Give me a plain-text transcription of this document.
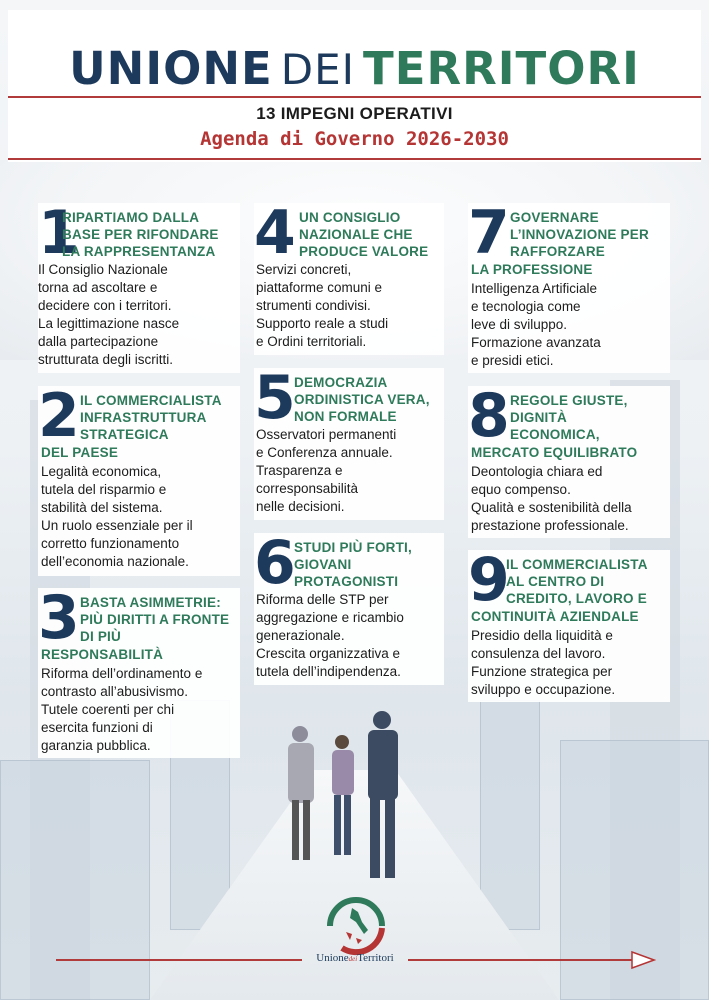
UNIONE DEI TERRITORI
13 IMPEGNI OPERATIVI
Agenda di Governo 2026-2030
1
RIPARTIAMO DALLA BASE PER RIFONDARE LA RAPPRESENTANZA
Il Consiglio Nazionale
torna ad ascoltare e
decidere con i territori.
La legittimazione nasce
dalla partecipazione
strutturata degli iscritti.
2 IL COMMERCIALISTA INFRASTRUTTURA STRATEGICA
DEL PAESE
Legalità economica,
tutela del risparmio e
stabilità del sistema.
Un ruolo essenziale per il
corretto funzionamento
dell’economia nazionale.
3 BASTA ASIMMETRIE: PIÙ DIRITTI A FRONTE DI PIÙ
RESPONSABILITÀ
Riforma dell’ordinamento e
contrasto all’abusivismo.
Tutele coerenti per chi
esercita funzioni di
garanzia pubblica.
4 UN CONSIGLIO NAZIONALE CHE PRODUCE VALORE
Servizi concreti,
piattaforme comuni e
strumenti condivisi.
Supporto reale a studi
e Ordini territoriali.
5
DEMOCRAZIA ORDINISTICA VERA, NON FORMALE
Osservatori permanenti
e Conferenza annuale.
Trasparenza e
corresponsabilità
nelle decisioni.
6
STUDI PIÙ FORTI, GIOVANI PROTAGONISTI
Riforma delle STP per
aggregazione e ricambio
generazionale.
Crescita organizzativa e
tutela dell’indipendenza.
7 GOVERNARE L’INNOVAZIONE PER RAFFORZARE
LA PROFESSIONE
Intelligenza Artificiale
e tecnologia come
leve di sviluppo.
Formazione avanzata
e presidi etici.
8 REGOLE GIUSTE, DIGNITÀ ECONOMICA,
MERCATO EQUILIBRATO
Deontologia chiara ed
equo compenso.
Qualità e sostenibilità della
prestazione professionale.
9
IL COMMERCIALISTA AL CENTRO DI CREDITO, LAVORO E
CONTINUITÀ AZIENDALE
Presidio della liquidità e
consulenza del lavoro.
Funzione strategica per
sviluppo e occupazione.
UnionedeiTerritori
